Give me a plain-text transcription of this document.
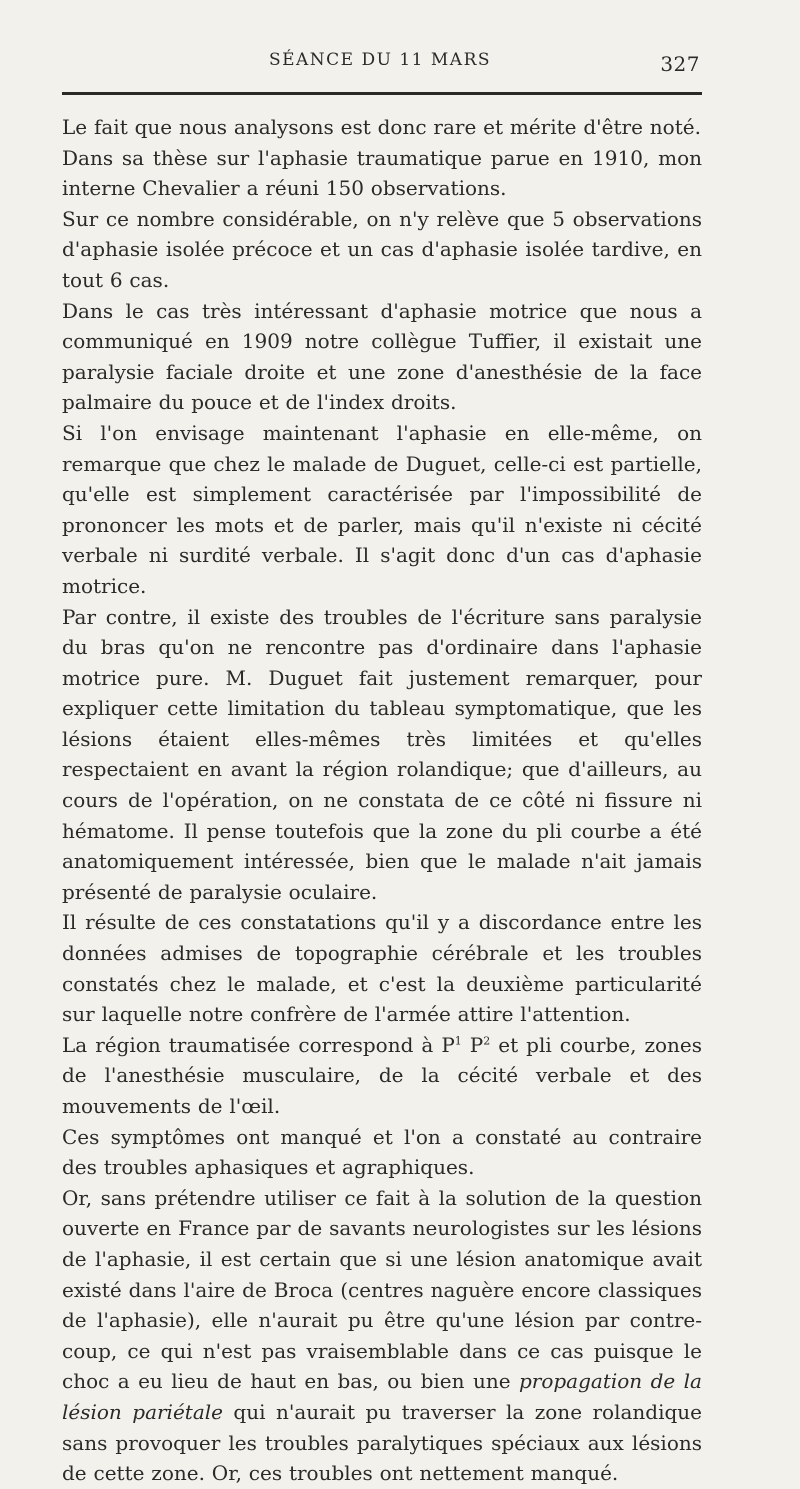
SÉANCE DU 11 MARS	327

Le fait que nous analysons est donc rare et mérite d'être noté.

Dans sa thèse sur l'aphasie traumatique parue en 1910, mon interne Chevalier a réuni 150 observations.

Sur ce nombre considérable, on n'y relève que 5 observations d'aphasie isolée précoce et un cas d'aphasie isolée tardive, en tout 6 cas.

Dans le cas très intéressant d'aphasie motrice que nous a communiqué en 1909 notre collègue Tuffier, il existait une paralysie faciale droite et une zone d'anesthésie de la face palmaire du pouce et de l'index droits.

Si l'on envisage maintenant l'aphasie en elle-même, on remarque que chez le malade de Duguet, celle-ci est partielle, qu'elle est simplement caractérisée par l'impossibilité de prononcer les mots et de parler, mais qu'il n'existe ni cécité verbale ni surdité verbale. Il s'agit donc d'un cas d'aphasie motrice.

Par contre, il existe des troubles de l'écriture sans paralysie du bras qu'on ne rencontre pas d'ordinaire dans l'aphasie motrice pure. M. Duguet fait justement remarquer, pour expliquer cette limitation du tableau symptomatique, que les lésions étaient elles-mêmes très limitées et qu'elles respectaient en avant la région rolandique; que d'ailleurs, au cours de l'opération, on ne constata de ce côté ni fissure ni hématome. Il pense toutefois que la zone du pli courbe a été anatomiquement intéressée, bien que le malade n'ait jamais présenté de paralysie oculaire.

Il résulte de ces constatations qu'il y a discordance entre les données admises de topographie cérébrale et les troubles constatés chez le malade, et c'est la deuxième particularité sur laquelle notre confrère de l'armée attire l'attention.

La région traumatisée correspond à $P^1$ $P^2$ et pli courbe, zones de l'anesthésie musculaire, de la cécité verbale et des mouvements de l'œil.

Ces symptômes ont manqué et l'on a constaté au contraire des troubles aphasiques et agraphiques.

Or, sans prétendre utiliser ce fait à la solution de la question ouverte en France par de savants neurologistes sur les lésions de l'aphasie, il est certain que si une lésion anatomique avait existé dans l'aire de Broca (centres naguère encore classiques de l'aphasie), elle n'aurait pu être qu'une lésion par contre-coup, ce qui n'est pas vraisemblable dans ce cas puisque le choc a eu lieu de haut en bas, ou bien une propagation de la lésion pariétale qui n'aurait pu traverser la zone rolandique sans provoquer les troubles paralytiques spéciaux aux lésions de cette zone. Or, ces troubles ont nettement manqué.
